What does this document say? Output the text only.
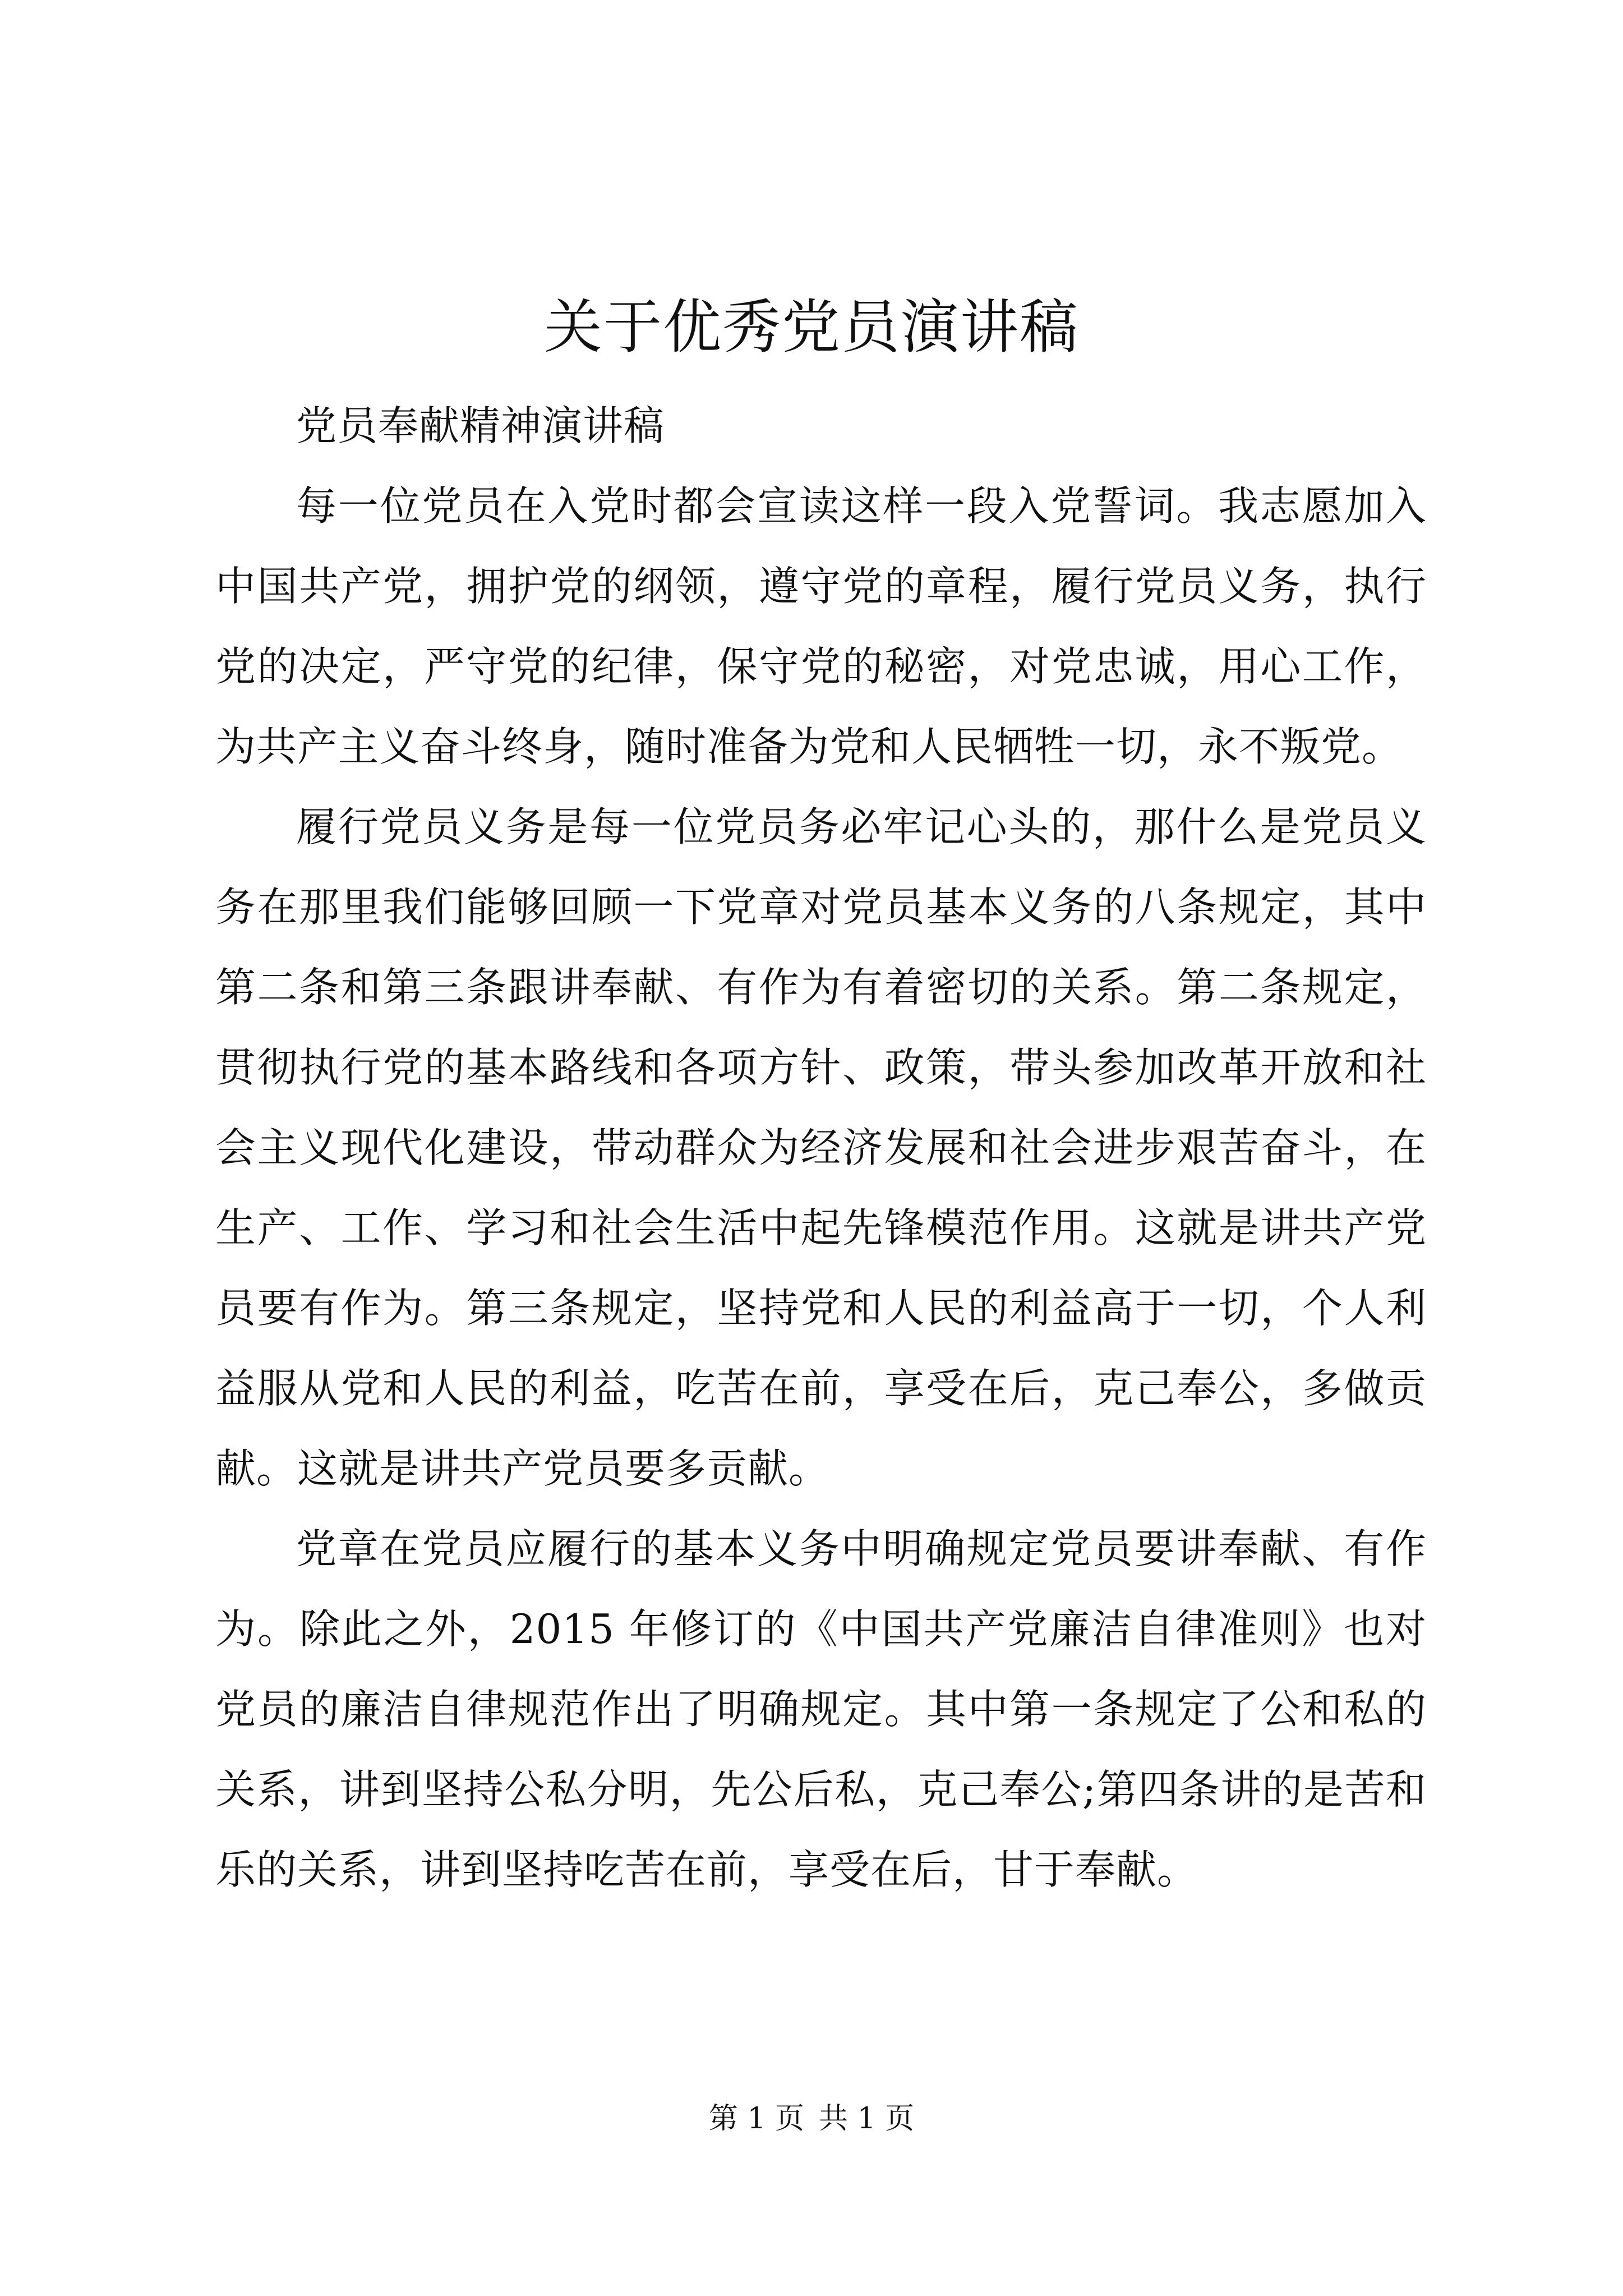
关于优秀党员演讲稿

党员奉献精神演讲稿

每一位党员在入党时都会宣读这样一段入党誓词。我志愿加入中国共产党，拥护党的纲领，遵守党的章程，履行党员义务，执行党的决定，严守党的纪律，保守党的秘密，对党忠诚，用心工作，为共产主义奋斗终身，随时准备为党和人民牺牲一切，永不叛党。

履行党员义务是每一位党员务必牢记心头的，那什么是党员义务在那里我们能够回顾一下党章对党员基本义务的八条规定，其中第二条和第三条跟讲奉献、有作为有着密切的关系。第二条规定，贯彻执行党的基本路线和各项方针、政策，带头参加改革开放和社会主义现代化建设，带动群众为经济发展和社会进步艰苦奋斗，在生产、工作、学习和社会生活中起先锋模范作用。这就是讲共产党员要有作为。第三条规定，坚持党和人民的利益高于一切，个人利益服从党和人民的利益，吃苦在前，享受在后，克己奉公，多做贡献。这就是讲共产党员要多贡献。

党章在党员应履行的基本义务中明确规定党员要讲奉献、有作为。除此之外，2015 年修订的《中国共产党廉洁自律准则》也对党员的廉洁自律规范作出了明确规定。其中第一条规定了公和私的关系，讲到坚持公私分明，先公后私，克己奉公;第四条讲的是苦和乐的关系，讲到坚持吃苦在前，享受在后，甘于奉献。

第 1 页 共 1 页
